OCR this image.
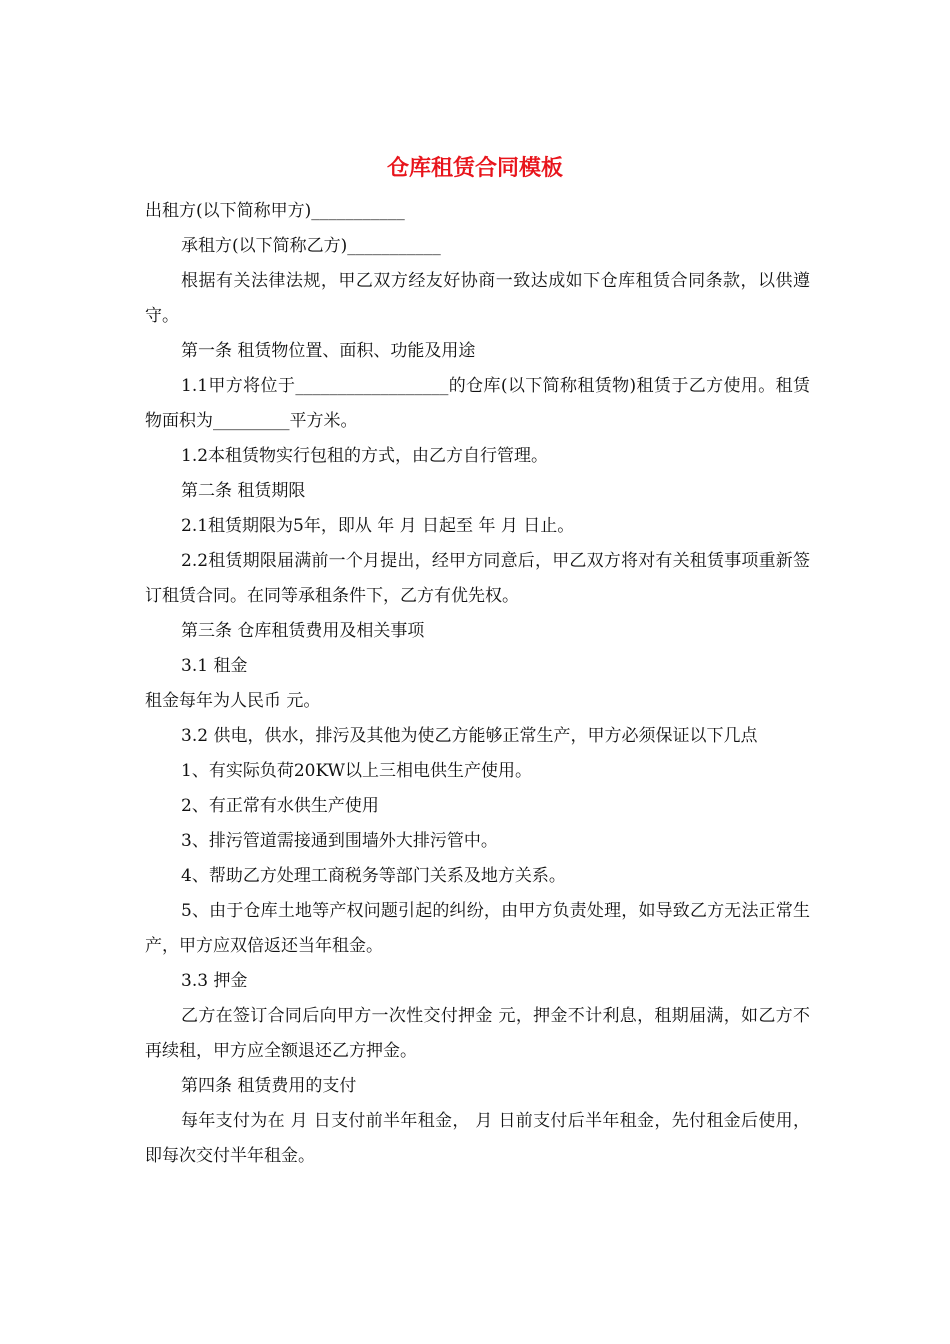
仓库租赁合同模板

出租方(以下简称甲方)___________

承租方(以下简称乙方)___________

根据有关法律法规，甲乙双方经友好协商一致达成如下仓库租赁合同条款，以供遵守。

第一条 租赁物位置、面积、功能及用途

1.1甲方将位于__________________的仓库(以下简称租赁物)租赁于乙方使用。租赁物面积为_________平方米。

1.2本租赁物实行包租的方式，由乙方自行管理。

第二条 租赁期限

2.1租赁期限为5年，即从 年 月 日起至 年 月 日止。

2.2租赁期限届满前一个月提出，经甲方同意后，甲乙双方将对有关租赁事项重新签订租赁合同。在同等承租条件下，乙方有优先权。

第三条 仓库租赁费用及相关事项

3.1 租金

租金每年为人民币 元。

3.2 供电，供水，排污及其他为使乙方能够正常生产，甲方必须保证以下几点

1、有实际负荷20KW以上三相电供生产使用。

2、有正常有水供生产使用

3、排污管道需接通到围墙外大排污管中。

4、帮助乙方处理工商税务等部门关系及地方关系。

5、由于仓库土地等产权问题引起的纠纷，由甲方负责处理，如导致乙方无法正常生产，甲方应双倍返还当年租金。

3.3 押金

乙方在签订合同后向甲方一次性交付押金 元，押金不计利息，租期届满，如乙方不再续租，甲方应全额退还乙方押金。

第四条 租赁费用的支付

每年支付为在 月 日支付前半年租金， 月 日前支付后半年租金，先付租金后使用，即每次交付半年租金。
